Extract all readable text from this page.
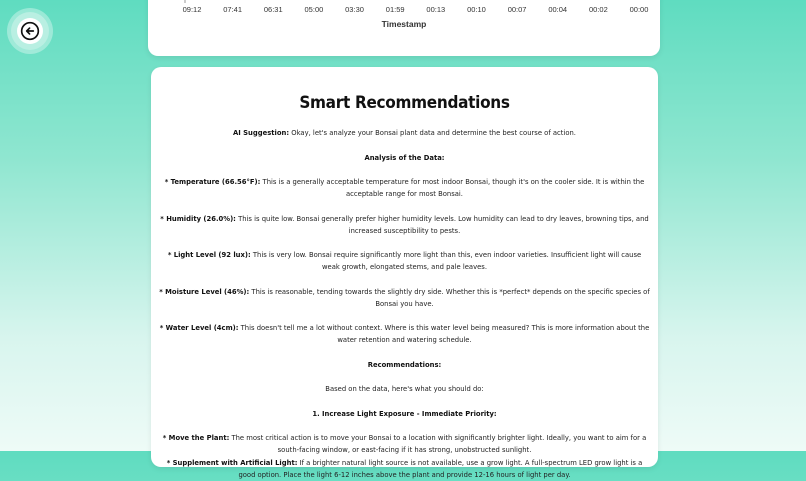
09:12	07:41	06:31	05:00	03:30	01:59	00:13	00:10	00:07	00:04	00:02	00:00
Timestamp
Smart Recommendations

AI Suggestion: Okay, let's analyze your Bonsai plant data and determine the best course of action.

Analysis of the Data:

* Temperature (66.56°F): This is a generally acceptable temperature for most indoor Bonsai, though it's on the cooler side. It is within the acceptable range for most Bonsai.

* Humidity (26.0%): This is quite low. Bonsai generally prefer higher humidity levels. Low humidity can lead to dry leaves, browning tips, and increased susceptibility to pests.

* Light Level (92 lux): This is very low. Bonsai require significantly more light than this, even indoor varieties. Insufficient light will cause weak growth, elongated stems, and pale leaves.

* Moisture Level (46%): This is reasonable, tending towards the slightly dry side. Whether this is *perfect* depends on the specific species of Bonsai you have.

* Water Level (4cm): This doesn't tell me a lot without context. Where is this water level being measured? This is more information about the water retention and watering schedule.

Recommendations:

Based on the data, here's what you should do:

1. Increase Light Exposure - Immediate Priority:

* Move the Plant: The most critical action is to move your Bonsai to a location with significantly brighter light. Ideally, you want to aim for a south-facing window, or east-facing if it has strong, unobstructed sunlight.

* Supplement with Artificial Light: If a brighter natural light source is not available, use a grow light. A full-spectrum LED grow light is a good option. Place the light 6-12 inches above the plant and provide 12-16 hours of light per day.
